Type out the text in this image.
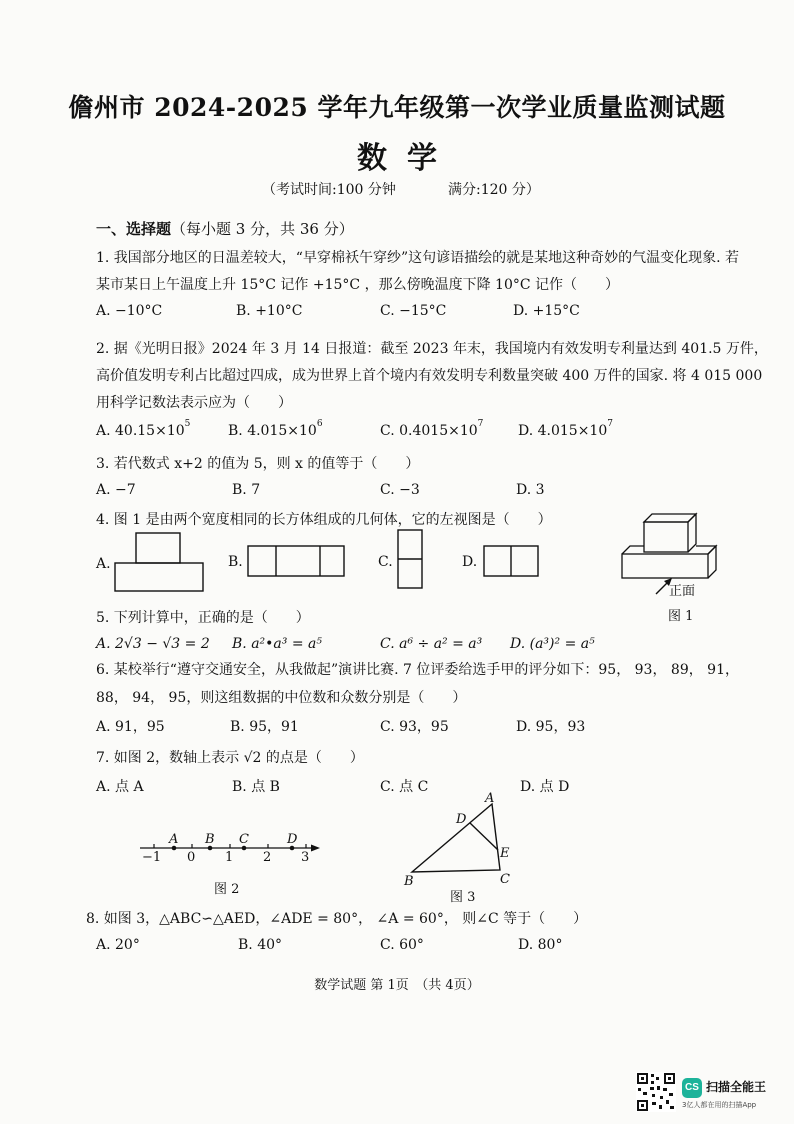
儋州市 2024-2025 学年九年级第一次学业质量监测试题
数学
（考试时间:100 分钟	满分:120 分）
一、选择题（每小题 3 分，共 36 分）
1. 我国部分地区的日温差较大，“早穿棉袄午穿纱”这句谚语描绘的就是某地这种奇妙的气温变化现象. 若
某市某日上午温度上升 15°C 记作 +15°C ，那么傍晚温度下降 10°C 记作（　　）
A. −10°C	B. +10°C	C. −15°C	D. +15°C
2. 据《光明日报》2024 年 3 月 14 日报道：截至 2023 年末，我国境内有效发明专利量达到 401.5 万件，
高价值发明专利占比超过四成，成为世界上首个境内有效发明专利数量突破 400 万件的国家. 将 4 015 000
用科学记数法表示应为（　　）
A. $40.15\times 10^5$	B. $4.015\times 10^6$	C. $0.4015\times 10^7$ D. $4.015\times 10^7$
3. 若代数式 x+2 的值为 5，则 x 的值等于（　　）
A. −7	B. 7	C. −3	D. 3
4. 图 1 是由两个宽度相同的长方体组成的几何体，它的左视图是（　　）
A.	B.	C.	D.
正面
图 1
5. 下列计算中，正确的是（　　）
A. 2√3 − √3 = 2 B. a²•a³ = a⁵	C. a⁶ ÷ a² = a³ D. (a³)² = a⁵
6. 某校举行“遵守交通安全，从我做起”演讲比赛. 7 位评委给选手甲的评分如下：95， 93， 89， 91，
88， 94， 95，则这组数据的中位数和众数分别是（　　）
A. 91，95	B. 95，91	C. 93，95	D. 95，93
7. 如图 2，数轴上表示 √2 的点是（　　）
A. 点 A	B. 点 B	C. 点 C	D. 点 D
A B C	D
−1 0 1 2 3
图 2
A
D
E
B	C
图 3
8. 如图 3，△ABC∽△AED，∠ADE = 80°， ∠A = 60°， 则∠C 等于（　　）
A. 20°	B. 40°	C. 60°	D. 80°
数学试题 第 1页　（共 4页）
CS 扫描全能王
3亿人都在用的扫描App
